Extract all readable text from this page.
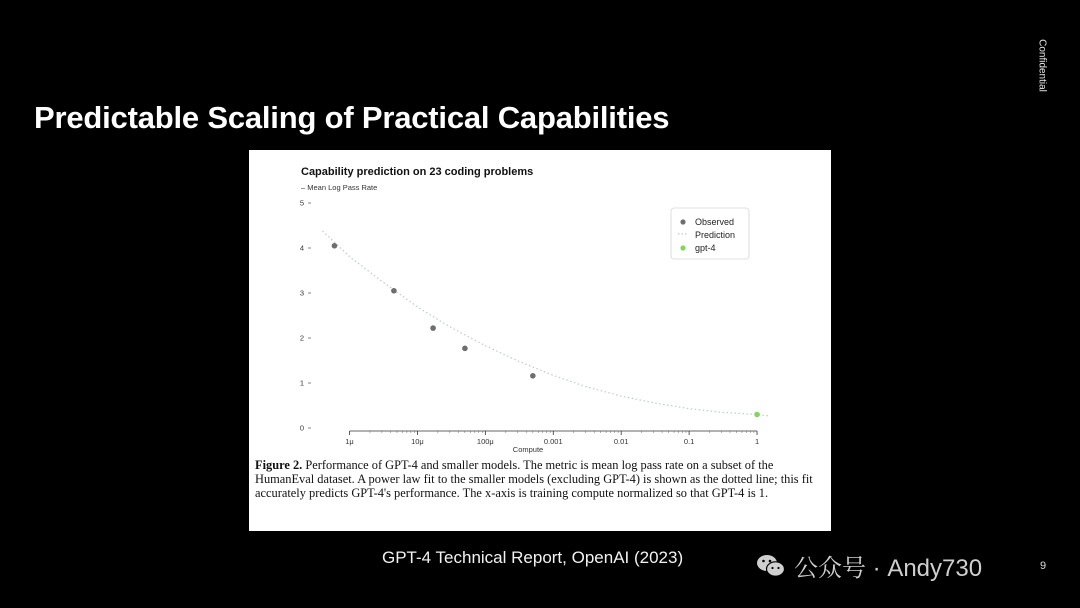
Predictable Scaling of Practical Capabilities
Confidential
Capability prediction on 23 coding problems
– Mean Log Pass Rate
Compute
1μ	10μ	100μ	0.001	0.01	0.1	1
0
1
2
3
4
5
Observed
Prediction
gpt-4
Figure 2. Performance of GPT-4 and smaller models. The metric is mean log pass rate on a subset of the HumanEval dataset. A power law fit to the smaller models (excluding GPT-4) is shown as the dotted line; this fit accurately predicts GPT-4's performance. The x-axis is training compute normalized so that GPT-4 is 1.
GPT-4 Technical Report, OpenAI (2023)	公众号 · Andy730	9
